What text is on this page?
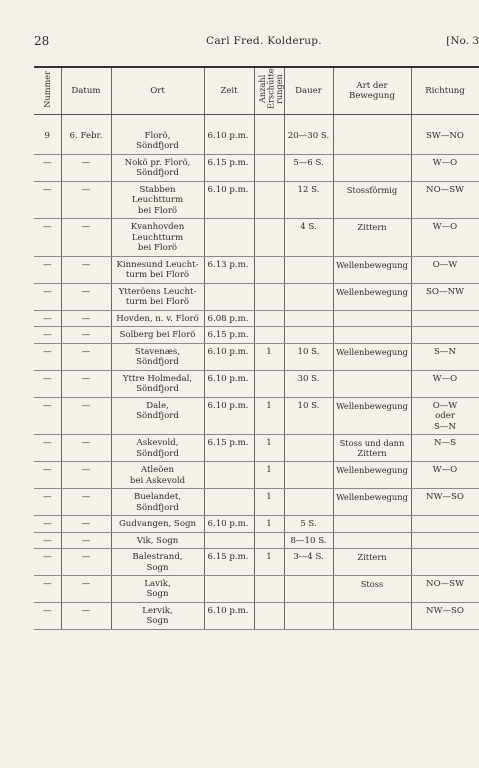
28	Carl Fred. Kolderup.	[No. 3
Nummer	Datum	Ort	Zeit	Anzahl Erschütte-rungen	Dauer	Art der Bewegung	Richtung

9	6. Febr.	Florö,
Söndfjord	6.10 p.m.		20—30 S.		SW—NO

—	—	Nokö pr. Florö,
Söndfjord	6.15 p.m.		5—6 S.		W—O

—	—	Stabben Leuchtturm
bei Florö	6.10 p.m.		12 S.	Stossförmig	NO—SW

—	—	Kvanhovden
Leuchtturm
bei Florö			4 S.	Zittern	W—O

—	—	Kinnesund Leucht-
turm bei Florö	6.13 p.m.			Wellenbewegung	O—W

—	—	Ytteröens Leucht-
turm bei Florö				Wellenbewegung	SO—NW

—	—	Hovden, n. v. Florö	6.08 p.m.			

—	—	Solberg bei Florö	6.15 p.m.			

—	—	Stavenæs,
Söndfjord	6.10 p.m.	1	10 S.	Wellenbewegung	S—N

—	—	Yttre Holmedal,
Söndfjord	6.10 p.m.		30 S.		W—O

—	—	Dale,
Söndfjord	6.10 p.m.	1	10 S.	Wellenbewegung	O—W
oder
S—N

—	—	Askevold,
Söndfjord	6.15 p.m.	1		Stoss und dann
Zittern	N—S

—	—	Atleöen
bei Askevold		1		Wellenbewegung	W—O

—	—	Buelandet,
Söndfjord		1		Wellenbewegung	NW—SO

—	—	Gudvangen, Sogn	6.10 p.m.	1	5 S.	

—	—	Vik, Sogn			8—10 S.	

—	—	Balestrand,
Sogn	6.15 p.m.	1	3—4 S.	Zittern	

—	—	Lavik,
Sogn				Stoss	NO—SW

—	—	Lervik,
Sogn	6.10 p.m.				NW—SO
